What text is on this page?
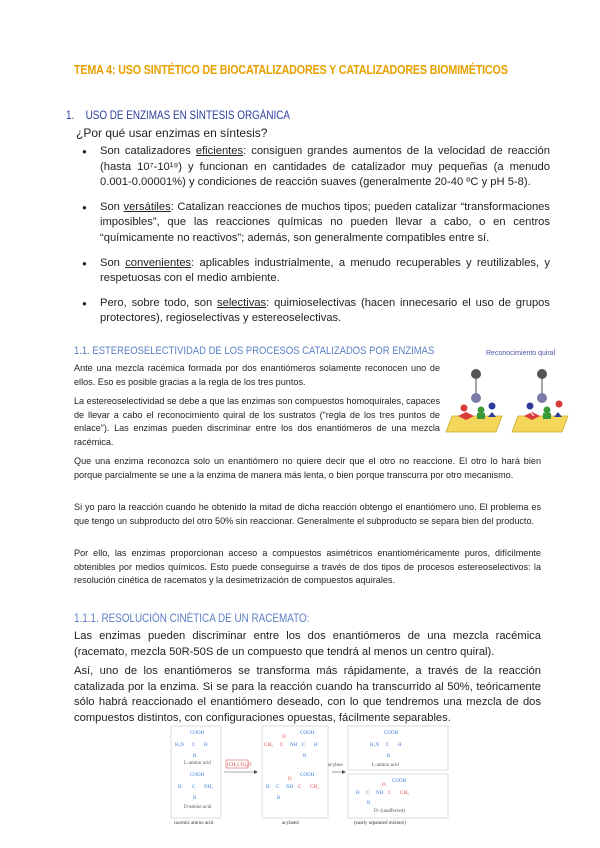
TEMA 4: USO SINTÉTICO DE BIOCATALIZADORES Y CATALIZADORES BIOMIMÉTICOS
1. USO DE ENZIMAS EN SÍNTESIS ORGÁNICA
¿Por qué usar enzimas en síntesis?
● Son catalizadores eficientes: consiguen grandes aumentos de la velocidad de reacción (hasta 10⁷-10¹⁹) y funcionan en cantidades de catalizador muy pequeñas (a menudo 0.001-0.00001%) y condiciones de reacción suaves (generalmente 20-40 ºC y pH 5-8).
● Son versátiles: Catalizan reacciones de muchos tipos; pueden catalizar “transformaciones imposibles”, que las reacciones químicas no pueden llevar a cabo, o en centros “químicamente no reactivos”; además, son generalmente compatibles entre sí.
● Son convenientes: aplicables industrialmente, a menudo recuperables y reutilizables, y respetuosas con el medio ambiente.
● Pero, sobre todo, son selectivas: quimioselectivas (hacen innecesario el uso de grupos protectores), regioselectivas y estereoselectivas.
1.1. ESTEREOSELECTIVIDAD DE LOS PROCESOS CATALIZADOS POR ENZIMAS
Ante una mezcla racémica formada por dos enantiómeros solamente reconocen uno de ellos. Eso es posible gracias a la regla de los tres puntos.
La estereoselectividad se debe a que las enzimas son compuestos homoquirales, capaces de llevar a cabo el reconocimiento quiral de los sustratos (“regla de los tres puntos de enlace”). Las enzimas pueden discriminar entre los dos enantiómeros de una mezcla racémica.
Que una enzima reconozca solo un enantiómero no quiere decir que el otro no reaccione. El otro lo hará bien porque parcialmente se une a la enzima de manera más lenta, o bien porque transcurra por otro mecanismo.
Si yo paro la reacción cuando he obtenido la mitad de dicha reacción obtengo el enantiómero uno. El problema es que tengo un subproducto del otro 50% sin reaccionar. Generalmente el subproducto se separa bien del producto.
Por ello, las enzimas proporcionan acceso a compuestos asimétricos enantioméricamente puros, difícilmente obtenibles por medios químicos. Esto puede conseguirse a través de dos tipos de procesos estereoselectivos: la resolución cinética de racematos y la desimetrización de compuestos aquirales.
Reconocimiento quiral
1.1.1. RESOLUCIÓN CINÉTICA DE UN RACEMATO:
Las enzimas pueden discriminar entre los dos enantiómeros de una mezcla racémica (racemato, mezcla 50R-50S de un compuesto que tendrá al menos un centro quiral).
Así, uno de los enantiómeros se transforma más rápidamente, a través de la reacción catalizada por la enzima. Si se para la reacción cuando ha transcurrido al 50%, teóricamente sólo habrá reaccionado el enantiómero deseado, con lo que tendremos una mezcla de dos compuestos distintos, con configuraciones opuestas, fácilmente separables.
COOH
H₂N C H
R
L-amino acid
COOH
H C NH₂
R
D-amino acid
racemic amino acid
(CH₃CO)₂O
COOH
O
CH₃ C NH C H
R
COOH
O
H C NH C CH₃
R
acylated
acylase
COOH
H₂N C H
R
L-amino acid
COOH
O
H C NH C CH₃
R
D- (unaffected)
(easily separated mixture)
